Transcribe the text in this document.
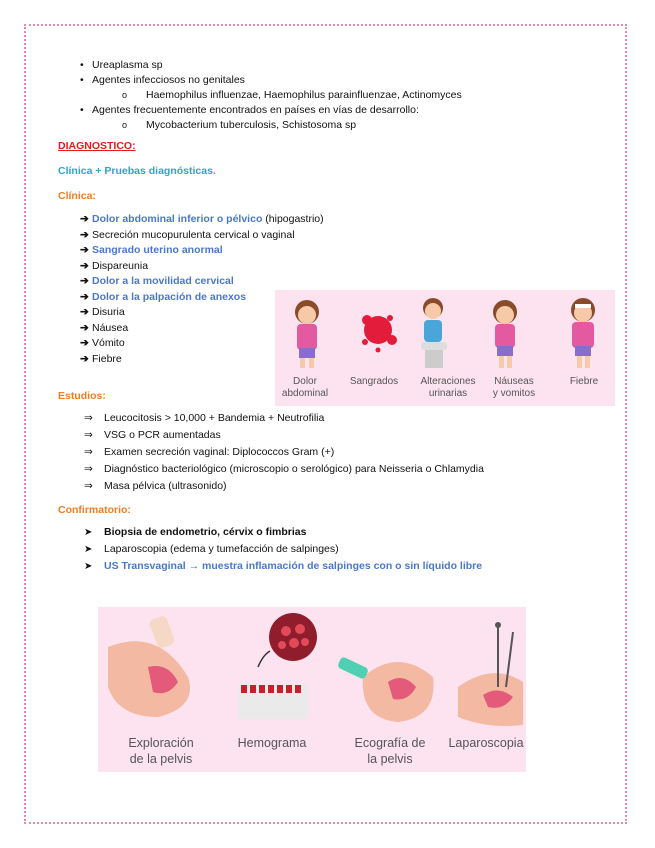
• Ureaplasma sp
• Agentes infecciosos no genitales
o Haemophilus influenzae, Haemophilus parainfluenzae, Actinomyces
• Agentes frecuentemente encontrados en países en vías de desarrollo:
o Mycobacterium tuberculosis, Schistosoma sp
DIAGNOSTICO:
Clínica + Pruebas diagnósticas.
Clínica:
➔ Dolor abdominal inferior o pélvico (hipogastrio)
➔ Secreción mucopurulenta cervical o vaginal
➔ Sangrado uterino anormal
➔ Dispareunia
➔ Dolor a la movilidad cervical
➔ Dolor a la palpación de anexos
➔ Disuria
➔ Náusea
➔ Vómito
➔ Fiebre
Estudios:
⇒ Leucocitosis > 10,000 + Bandemia + Neutrofilia
⇒ VSG o PCR aumentadas
⇒ Examen secreción vaginal: Diplococcos Gram (+)
⇒ Diagnóstico bacteriológico (microscopio o serológico) para Neisseria o Chlamydia
⇒ Masa pélvica (ultrasonido)
Confirmatorio:
➤ Biopsia de endometrio, cérvix o fimbrias
➤ Laparoscopia (edema y tumefacción de salpinges)
➤ US Transvaginal → muestra inflamación de salpinges con o sin líquido libre
Dolor
abdominal
Sangrados	Alteraciones
urinarias
Náuseas
y vomitos
Fiebre
Exploración
de la pelvis
Hemograma	Ecografía de
la pelvis
Laparoscopia
